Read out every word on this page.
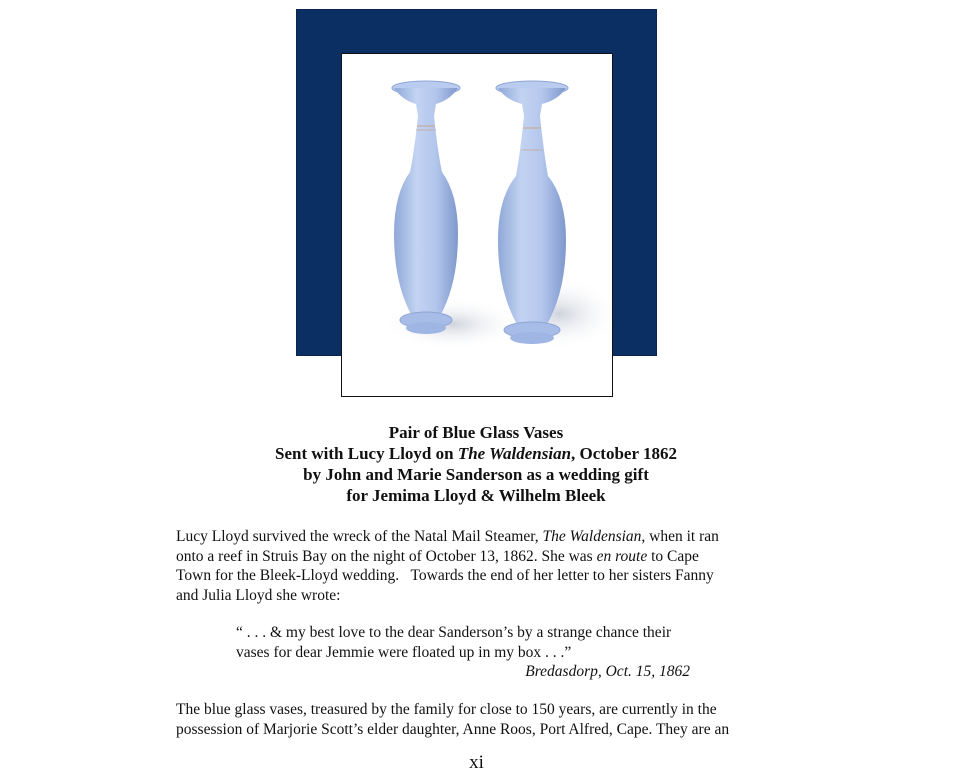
Pair of Blue Glass Vases
Sent with Lucy Lloyd on The Waldensian, October 1862
by John and Marie Sanderson as a wedding gift
for Jemima Lloyd & Wilhelm Bleek
Lucy Lloyd survived the wreck of the Natal Mail Steamer, The Waldensian, when it ran
onto a reef in Struis Bay on the night of October 13, 1862. She was en route to Cape
Town for the Bleek-Lloyd wedding.   Towards the end of her letter to her sisters Fanny
and Julia Lloyd she wrote:
“ . . . & my best love to the dear Sanderson’s by a strange chance their
vases for dear Jemmie were floated up in my box . . .”
Bredasdorp, Oct. 15, 1862
The blue glass vases, treasured by the family for close to 150 years, are currently in the
possession of Marjorie Scott’s elder daughter, Anne Roos, Port Alfred, Cape. They are an
xi
